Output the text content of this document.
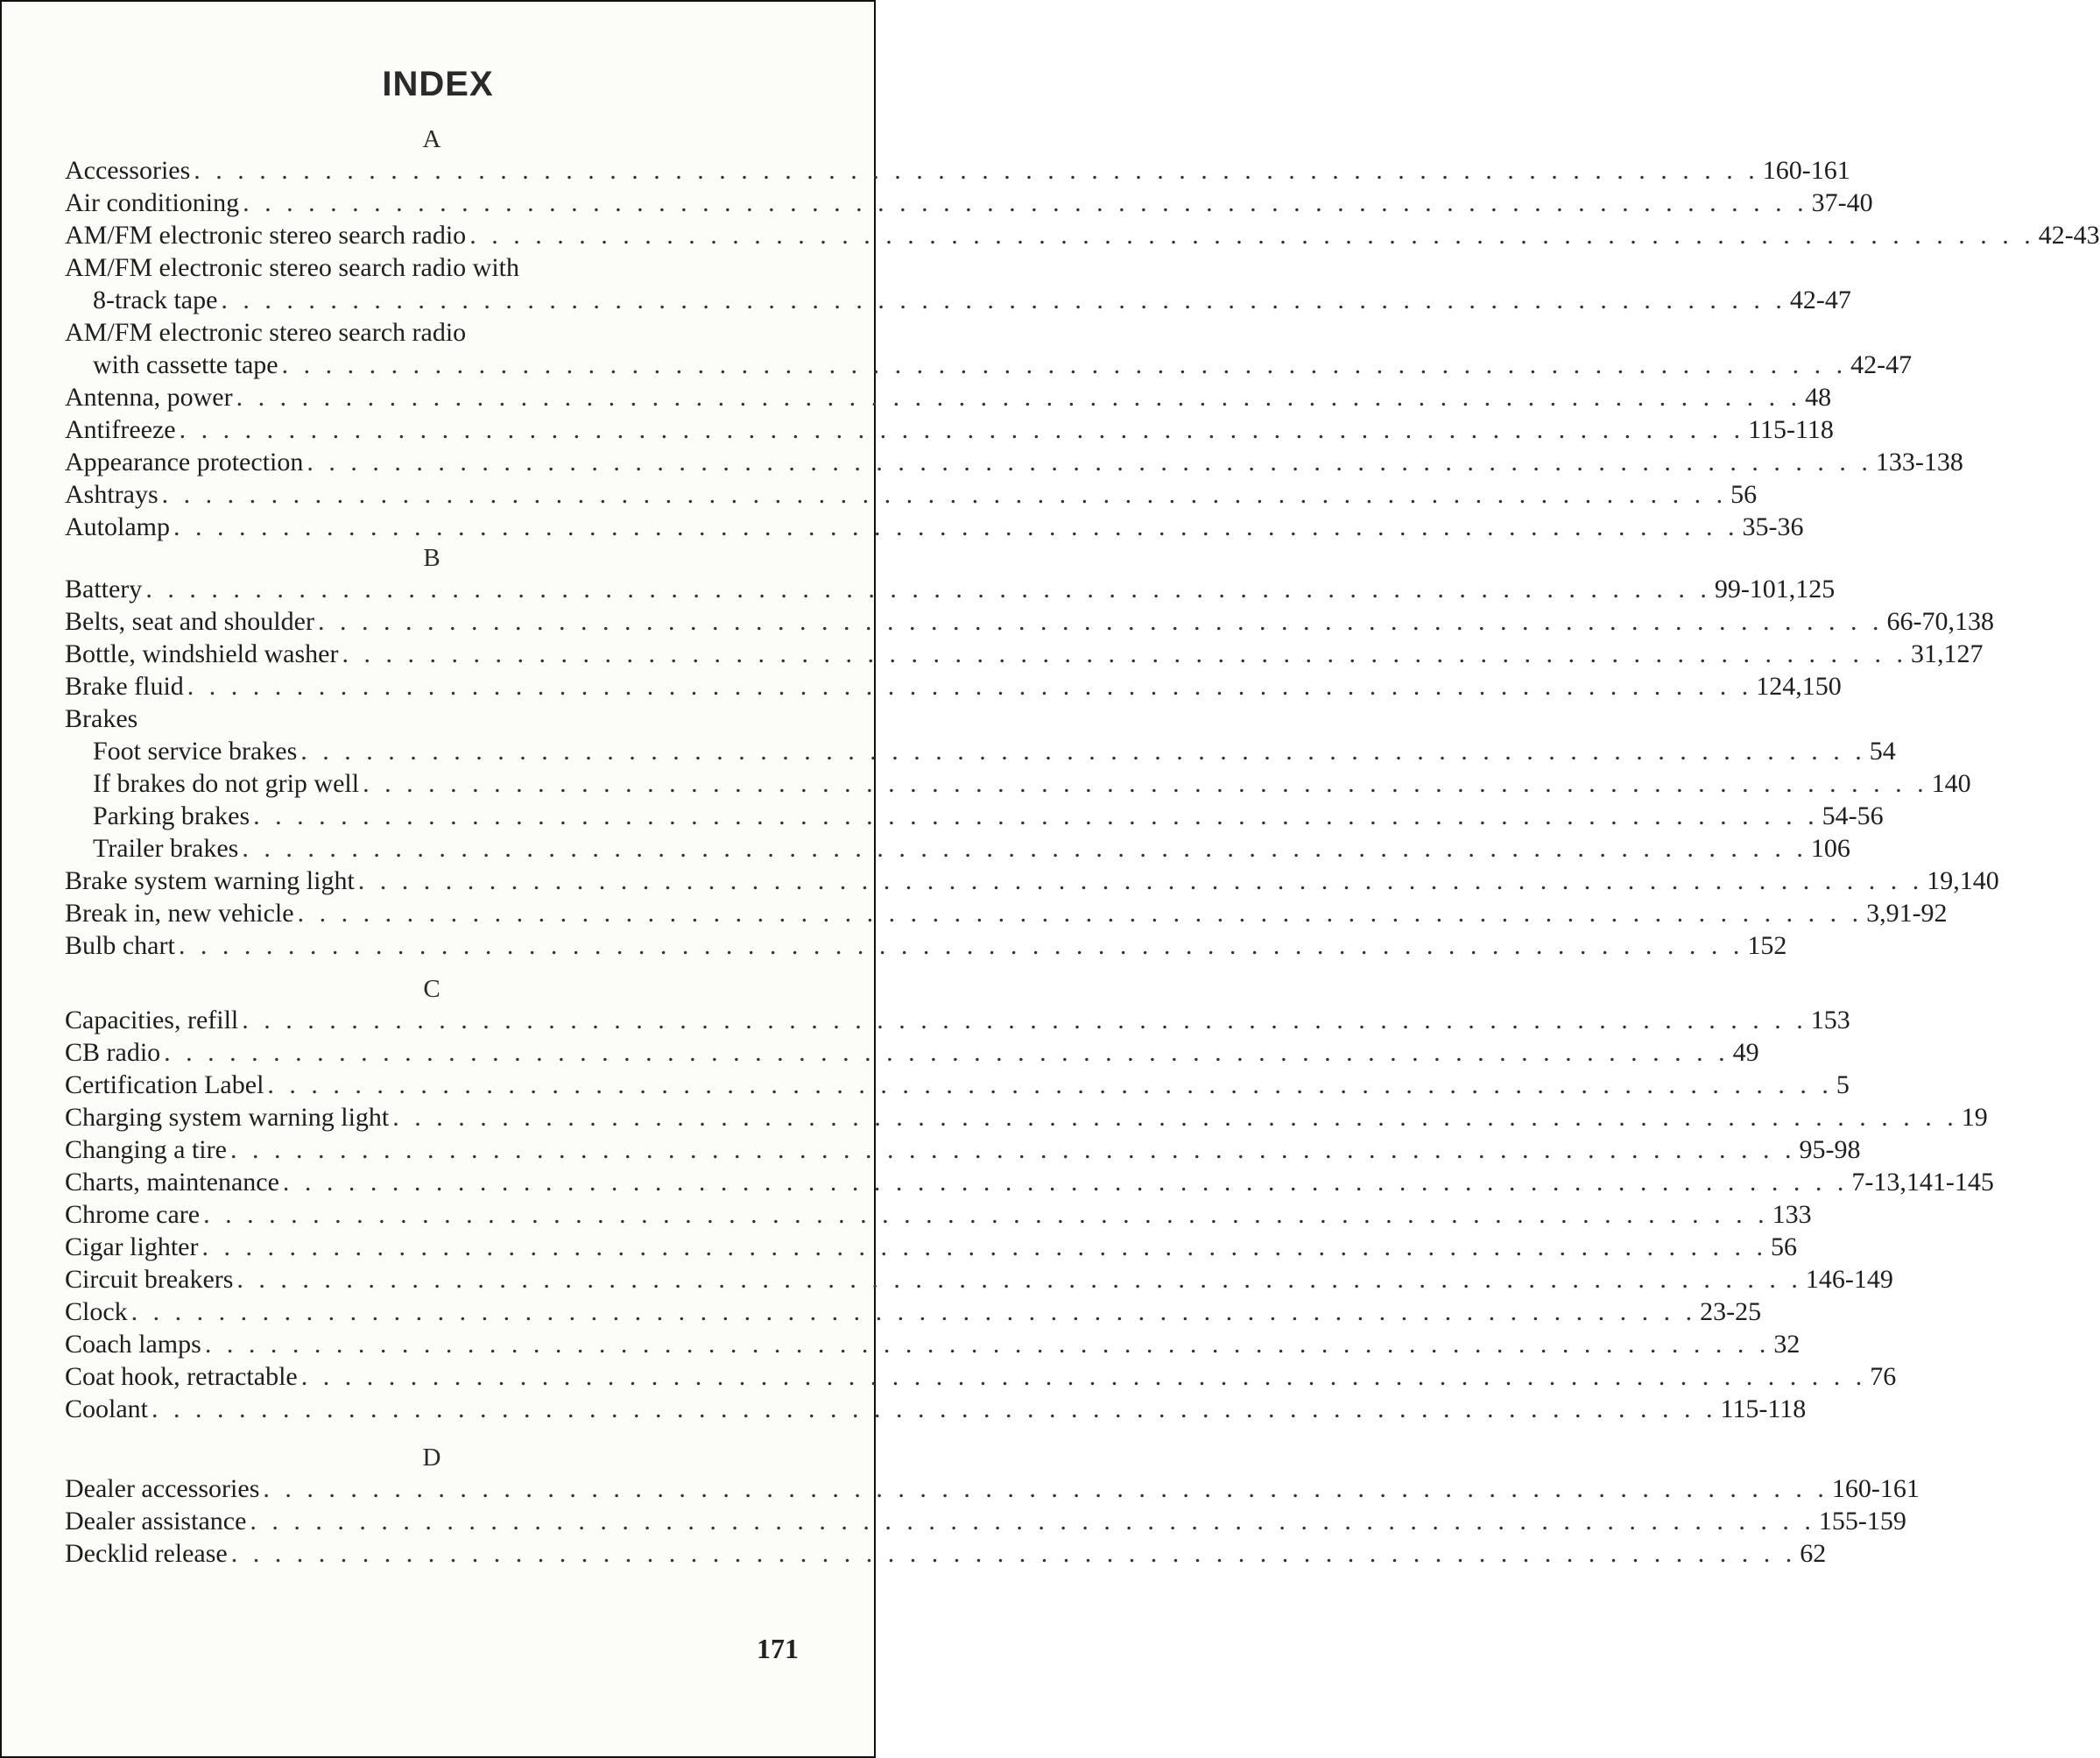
INDEX
A
Accessories . . . . . . . . . . . . . . . . . . . . . . . . . . . . . . . . . . . . . . . . . . . . . . . . . . . . . . . . . . . . . . . . . . . . . . . . 160-161
Air conditioning . . . . . . . . . . . . . . . . . . . . . . . . . . . . . . . . . . . . . . . . . . . . . . . . . . . . . . . . . . . . . . . . . . . . . . . . 37-40
AM/FM electronic stereo search radio . . . . . . . . . . . . . . . . . . . . . . . . . . . . . . . . . . . . . . . . . . . . . . . . . . . . . . . . . . . . . . . . . . . . . . . . 42-43
AM/FM electronic stereo search radio with
8-track tape . . . . . . . . . . . . . . . . . . . . . . . . . . . . . . . . . . . . . . . . . . . . . . . . . . . . . . . . . . . . . . . . . . . . . . . . 42-47
AM/FM electronic stereo search radio
with cassette tape . . . . . . . . . . . . . . . . . . . . . . . . . . . . . . . . . . . . . . . . . . . . . . . . . . . . . . . . . . . . . . . . . . . . . . . . 42-47
Antenna, power . . . . . . . . . . . . . . . . . . . . . . . . . . . . . . . . . . . . . . . . . . . . . . . . . . . . . . . . . . . . . . . . . . . . . . . . 48
Antifreeze . . . . . . . . . . . . . . . . . . . . . . . . . . . . . . . . . . . . . . . . . . . . . . . . . . . . . . . . . . . . . . . . . . . . . . . . 115-118
Appearance protection . . . . . . . . . . . . . . . . . . . . . . . . . . . . . . . . . . . . . . . . . . . . . . . . . . . . . . . . . . . . . . . . . . . . . . . . 133-138
Ashtrays . . . . . . . . . . . . . . . . . . . . . . . . . . . . . . . . . . . . . . . . . . . . . . . . . . . . . . . . . . . . . . . . . . . . . . . . 56
Autolamp . . . . . . . . . . . . . . . . . . . . . . . . . . . . . . . . . . . . . . . . . . . . . . . . . . . . . . . . . . . . . . . . . . . . . . . . 35-36
B
Battery . . . . . . . . . . . . . . . . . . . . . . . . . . . . . . . . . . . . . . . . . . . . . . . . . . . . . . . . . . . . . . . . . . . . . . . . 99-101,125
Belts, seat and shoulder . . . . . . . . . . . . . . . . . . . . . . . . . . . . . . . . . . . . . . . . . . . . . . . . . . . . . . . . . . . . . . . . . . . . . . . . 66-70,138
Bottle, windshield washer . . . . . . . . . . . . . . . . . . . . . . . . . . . . . . . . . . . . . . . . . . . . . . . . . . . . . . . . . . . . . . . . . . . . . . . . 31,127
Brake fluid . . . . . . . . . . . . . . . . . . . . . . . . . . . . . . . . . . . . . . . . . . . . . . . . . . . . . . . . . . . . . . . . . . . . . . . . 124,150
Brakes
Foot service brakes . . . . . . . . . . . . . . . . . . . . . . . . . . . . . . . . . . . . . . . . . . . . . . . . . . . . . . . . . . . . . . . . . . . . . . . . 54
If brakes do not grip well . . . . . . . . . . . . . . . . . . . . . . . . . . . . . . . . . . . . . . . . . . . . . . . . . . . . . . . . . . . . . . . . . . . . . . . . 140
Parking brakes . . . . . . . . . . . . . . . . . . . . . . . . . . . . . . . . . . . . . . . . . . . . . . . . . . . . . . . . . . . . . . . . . . . . . . . . 54-56
Trailer brakes . . . . . . . . . . . . . . . . . . . . . . . . . . . . . . . . . . . . . . . . . . . . . . . . . . . . . . . . . . . . . . . . . . . . . . . . 106
Brake system warning light . . . . . . . . . . . . . . . . . . . . . . . . . . . . . . . . . . . . . . . . . . . . . . . . . . . . . . . . . . . . . . . . . . . . . . . . 19,140
Break in, new vehicle . . . . . . . . . . . . . . . . . . . . . . . . . . . . . . . . . . . . . . . . . . . . . . . . . . . . . . . . . . . . . . . . . . . . . . . . 3,91-92
Bulb chart . . . . . . . . . . . . . . . . . . . . . . . . . . . . . . . . . . . . . . . . . . . . . . . . . . . . . . . . . . . . . . . . . . . . . . . . 152
C
Capacities, refill . . . . . . . . . . . . . . . . . . . . . . . . . . . . . . . . . . . . . . . . . . . . . . . . . . . . . . . . . . . . . . . . . . . . . . . . 153
CB radio . . . . . . . . . . . . . . . . . . . . . . . . . . . . . . . . . . . . . . . . . . . . . . . . . . . . . . . . . . . . . . . . . . . . . . . . 49
Certification Label . . . . . . . . . . . . . . . . . . . . . . . . . . . . . . . . . . . . . . . . . . . . . . . . . . . . . . . . . . . . . . . . . . . . . . . . 5
Charging system warning light . . . . . . . . . . . . . . . . . . . . . . . . . . . . . . . . . . . . . . . . . . . . . . . . . . . . . . . . . . . . . . . . . . . . . . . . 19
Changing a tire . . . . . . . . . . . . . . . . . . . . . . . . . . . . . . . . . . . . . . . . . . . . . . . . . . . . . . . . . . . . . . . . . . . . . . . . 95-98
Charts, maintenance . . . . . . . . . . . . . . . . . . . . . . . . . . . . . . . . . . . . . . . . . . . . . . . . . . . . . . . . . . . . . . . . . . . . . . . . 7-13,141-145
Chrome care . . . . . . . . . . . . . . . . . . . . . . . . . . . . . . . . . . . . . . . . . . . . . . . . . . . . . . . . . . . . . . . . . . . . . . . . 133
Cigar lighter . . . . . . . . . . . . . . . . . . . . . . . . . . . . . . . . . . . . . . . . . . . . . . . . . . . . . . . . . . . . . . . . . . . . . . . . 56
Circuit breakers . . . . . . . . . . . . . . . . . . . . . . . . . . . . . . . . . . . . . . . . . . . . . . . . . . . . . . . . . . . . . . . . . . . . . . . . 146-149
Clock . . . . . . . . . . . . . . . . . . . . . . . . . . . . . . . . . . . . . . . . . . . . . . . . . . . . . . . . . . . . . . . . . . . . . . . . 23-25
Coach lamps . . . . . . . . . . . . . . . . . . . . . . . . . . . . . . . . . . . . . . . . . . . . . . . . . . . . . . . . . . . . . . . . . . . . . . . . 32
Coat hook, retractable . . . . . . . . . . . . . . . . . . . . . . . . . . . . . . . . . . . . . . . . . . . . . . . . . . . . . . . . . . . . . . . . . . . . . . . . 76
Coolant . . . . . . . . . . . . . . . . . . . . . . . . . . . . . . . . . . . . . . . . . . . . . . . . . . . . . . . . . . . . . . . . . . . . . . . . 115-118
D
Dealer accessories . . . . . . . . . . . . . . . . . . . . . . . . . . . . . . . . . . . . . . . . . . . . . . . . . . . . . . . . . . . . . . . . . . . . . . . . 160-161
Dealer assistance . . . . . . . . . . . . . . . . . . . . . . . . . . . . . . . . . . . . . . . . . . . . . . . . . . . . . . . . . . . . . . . . . . . . . . . . 155-159
Decklid release . . . . . . . . . . . . . . . . . . . . . . . . . . . . . . . . . . . . . . . . . . . . . . . . . . . . . . . . . . . . . . . . . . . . . . . . 62
171
